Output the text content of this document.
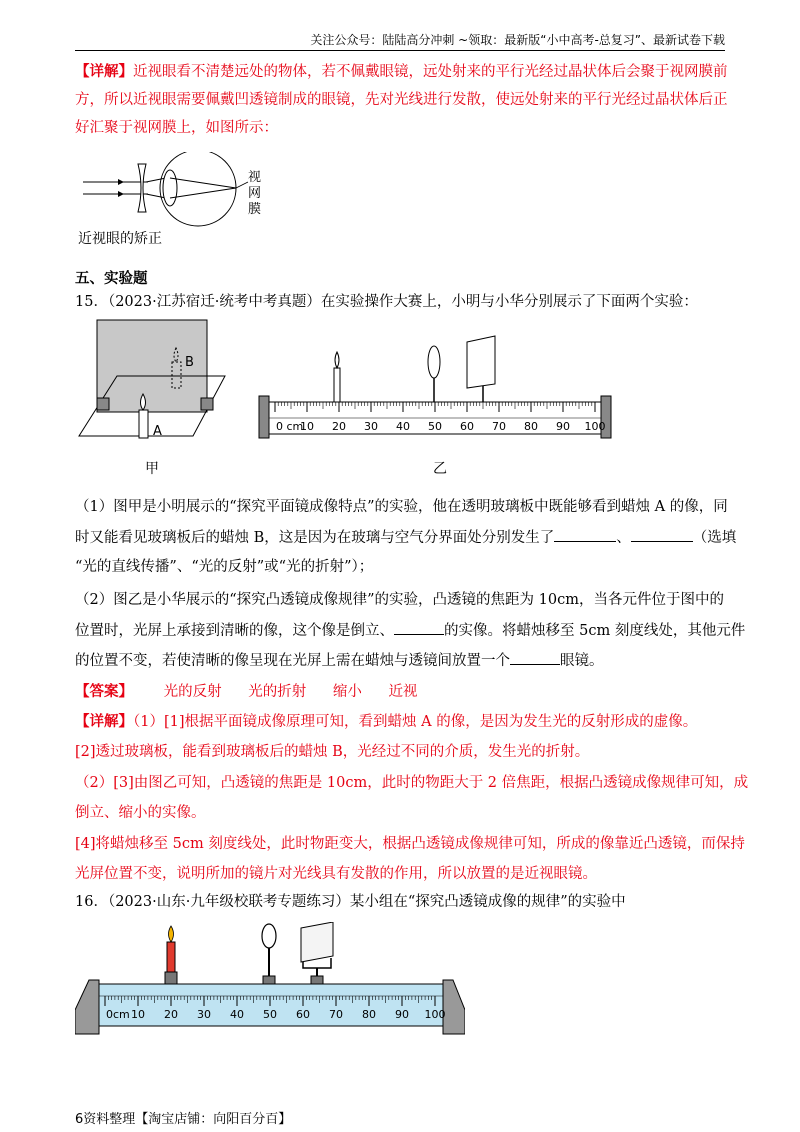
关注公众号：陆陆高分冲刺 ~领取：最新版“小中高考-总复习”、最新试卷下载
【详解】近视眼看不清楚远处的物体，若不佩戴眼镜，远处射来的平行光经过晶状体后会聚于视网膜前
方，所以近视眼需要佩戴凹透镜制成的眼镜，先对光线进行发散，使远处射来的平行光经过晶状体后正
好汇聚于视网膜上，如图所示：
视网膜
近视眼的矫正
五、实验题
15．（2023·江苏宿迁·统考中考真题）在实验操作大赛上，小明与小华分别展示了下面两个实验：
B
A
甲
0 cm
10 20 30 40 50 60 70 80 90 100
乙
（1）图甲是小明展示的“探究平面镜成像特点”的实验，他在透明玻璃板中既能够看到蜡烛 A 的像，同
时又能看见玻璃板后的蜡烛 B，这是因为在玻璃与空气分界面处分别发生了	、	（选填
“光的直线传播”、“光的反射”或“光的折射”）；
（2）图乙是小华展示的“探究凸透镜成像规律”的实验，凸透镜的焦距为 10cm，当各元件位于图中的
位置时，光屏上承接到清晰的像，这个像是倒立、	的实像。将蜡烛移至 5cm 刻度线处，其他元件
的位置不变，若使清晰的像呈现在光屏上需在蜡烛与透镜间放置一个	眼镜。
【答案】 光的反射 光的折射 缩小 近视
【详解】（1）[1]根据平面镜成像原理可知，看到蜡烛 A 的像，是因为发生光的反射形成的虚像。
[2]透过玻璃板，能看到玻璃板后的蜡烛 B，光经过不同的介质，发生光的折射。
（2）[3]由图乙可知，凸透镜的焦距是 10cm，此时的物距大于 2 倍焦距，根据凸透镜成像规律可知，成
倒立、缩小的实像。
[4]将蜡烛移至 5cm 刻度线处，此时物距变大，根据凸透镜成像规律可知，所成的像靠近凸透镜，而保持
光屏位置不变，说明所加的镜片对光线具有发散的作用，所以放置的是近视眼镜。
16．（2023·山东·九年级校联考专题练习）某小组在“探究凸透镜成像的规律”的实验中
0cm 10 20 30 40 50 60 70 80 90 100
6资料整理【淘宝店铺：向阳百分百】
